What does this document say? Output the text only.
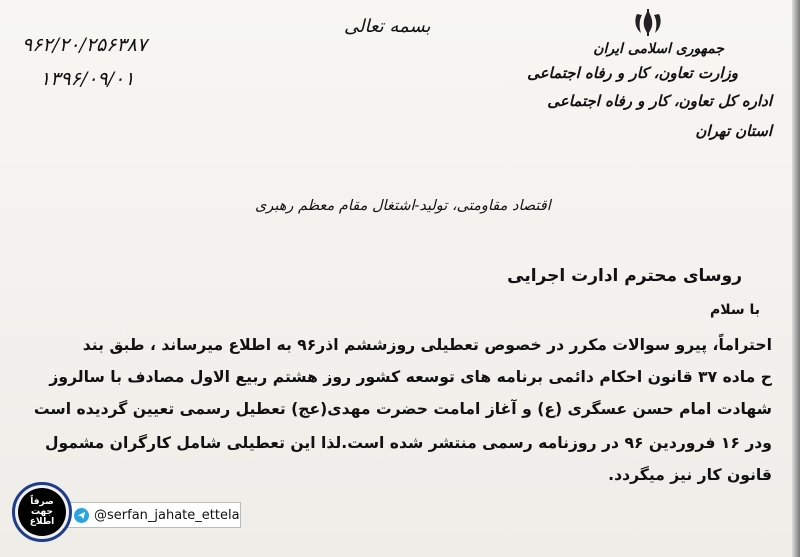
۹۶۲/۲۰/۲۵۶۳۸۷
۱۳۹۶/۰۹/۰۱
بسمه تعالی
جمهوری اسلامی ایران
وزارت تعاون، کار و رفاه اجتماعی
اداره کل تعاون، کار و رفاه اجتماعی استان تهران
اقتصاد مقاومتی، تولید-اشتغال مقام معظم رهبری
روسای محترم ادارت اجرایی
با سلام
احتراماً، پیرو سوالات مکرر در خصوص تعطیلی روزششم اذر۹۶ به اطلاع میرساند ، طبق بند
ح ماده ۳۷ قانون احکام دائمی برنامه های توسعه کشور روز هشتم ربیع الاول مصادف با سالروز
شهادت امام حسن عسگری (ع) و آغاز امامت حضرت مهدی(عج) تعطیل رسمی تعیین گردیده است
ودر ۱۶ فروردین ۹۶ در روزنامه رسمی منتشر شده است.لذا این تعطیلی شامل کارگران مشمول
قانون کار نیز میگردد.
@serfan_jahate_ettela
صرفاً جهت اطلاع
